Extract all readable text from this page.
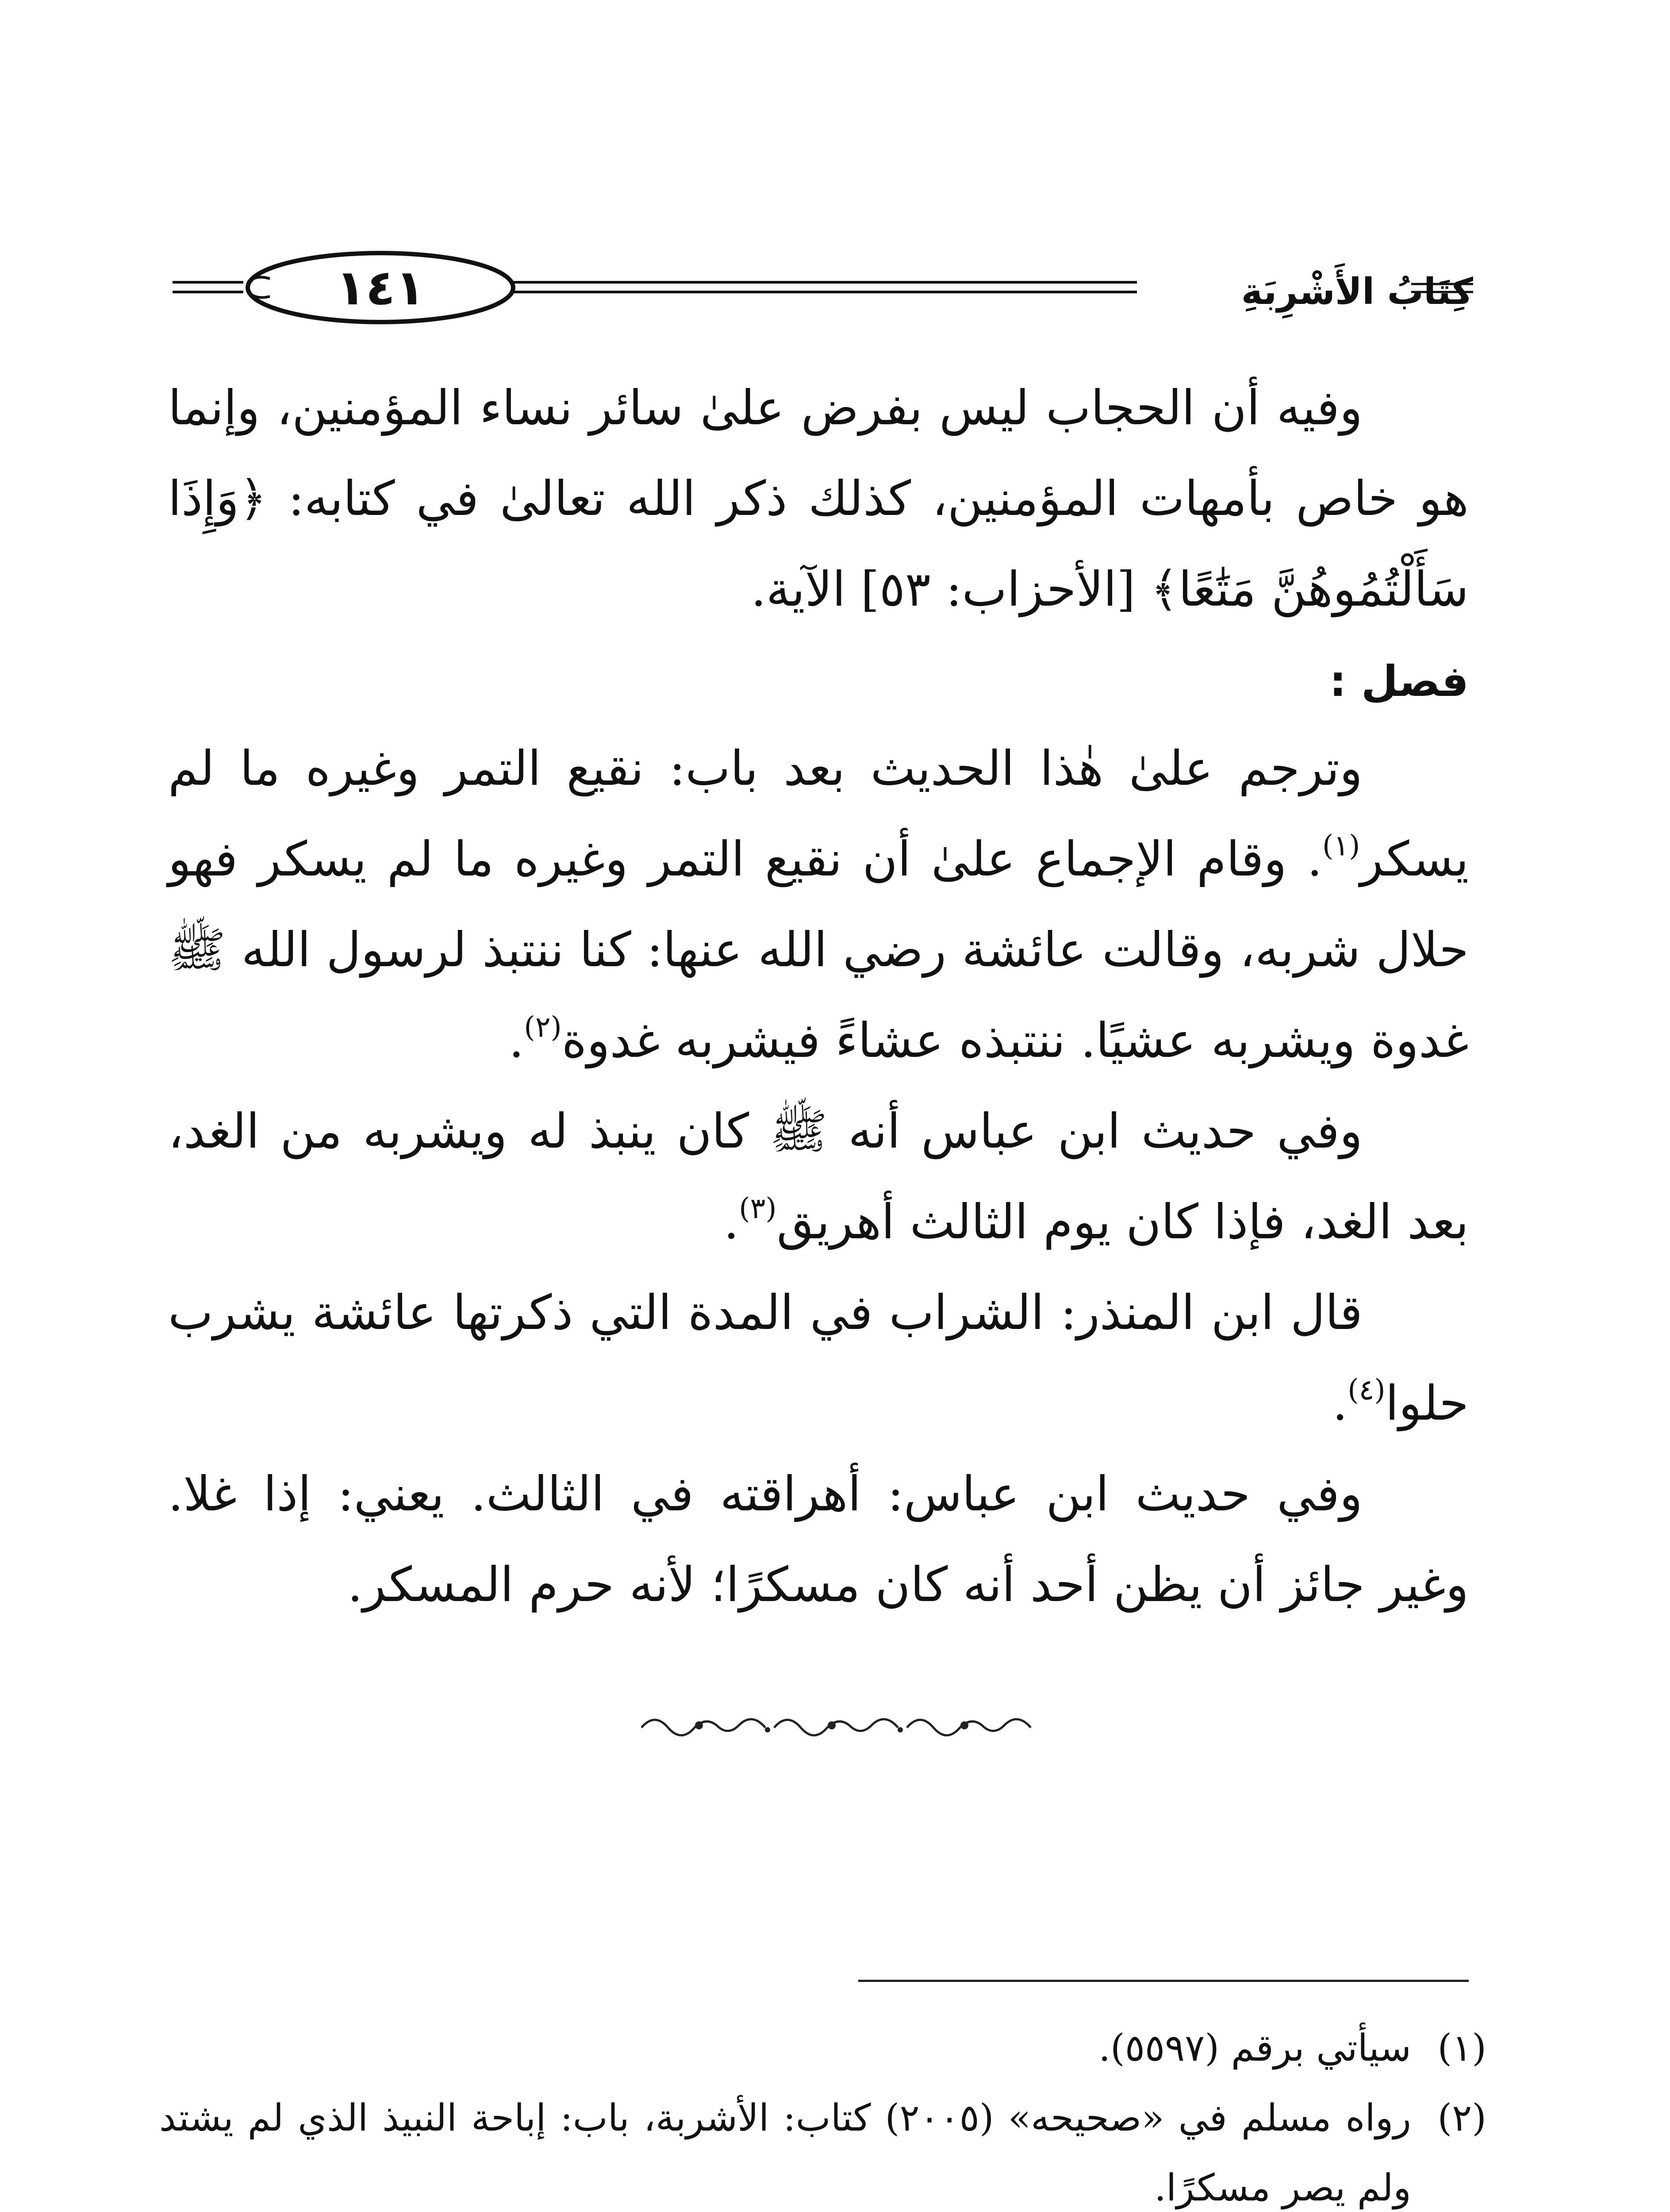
١٤١	كِتَابُ الأَشْرِبَةِ

وفيه أن الحجاب ليس بفرض علىٰ سائر نساء المؤمنين، وإنما هو خاص بأمهات المؤمنين، كذلك ذكر الله تعالىٰ في كتابه: ﴿وَإِذَا سَأَلْتُمُوهُنَّ مَتَٰعًا﴾ [الأحزاب: ٥٣] الآية.

فصل :

وترجم علىٰ هٰذا الحديث بعد باب: نقيع التمر وغيره ما لم يسكر$^{(١)}$. وقام الإجماع علىٰ أن نقيع التمر وغيره ما لم يسكر فهو حلال شربه، وقالت عائشة رضي الله عنها: كنا ننتبذ لرسول الله ﷺ غدوة ويشربه عشيًا. ننتبذه عشاءً فيشربه غدوة$^{(٢)}$.

وفي حديث ابن عباس أنه ﷺ كان ينبذ له ويشربه من الغد، بعد الغد، فإذا كان يوم الثالث أهريق$^{(٣)}$.

قال ابن المنذر: الشراب في المدة التي ذكرتها عائشة يشرب حلوا$^{(٤)}$.

وفي حديث ابن عباس: أهراقته في الثالث. يعني: إذا غلا. وغير جائز أن يظن أحد أنه كان مسكرًا؛ لأنه حرم المسكر.

(١)
سيأتي برقم (٥٥٩٧).
(٢)
رواه مسلم في «صحيحه» (٢٠٠٥) كتاب: الأشربة، باب: إباحة النبيذ الذي لم يشتد ولم يصر مسكرًا.
